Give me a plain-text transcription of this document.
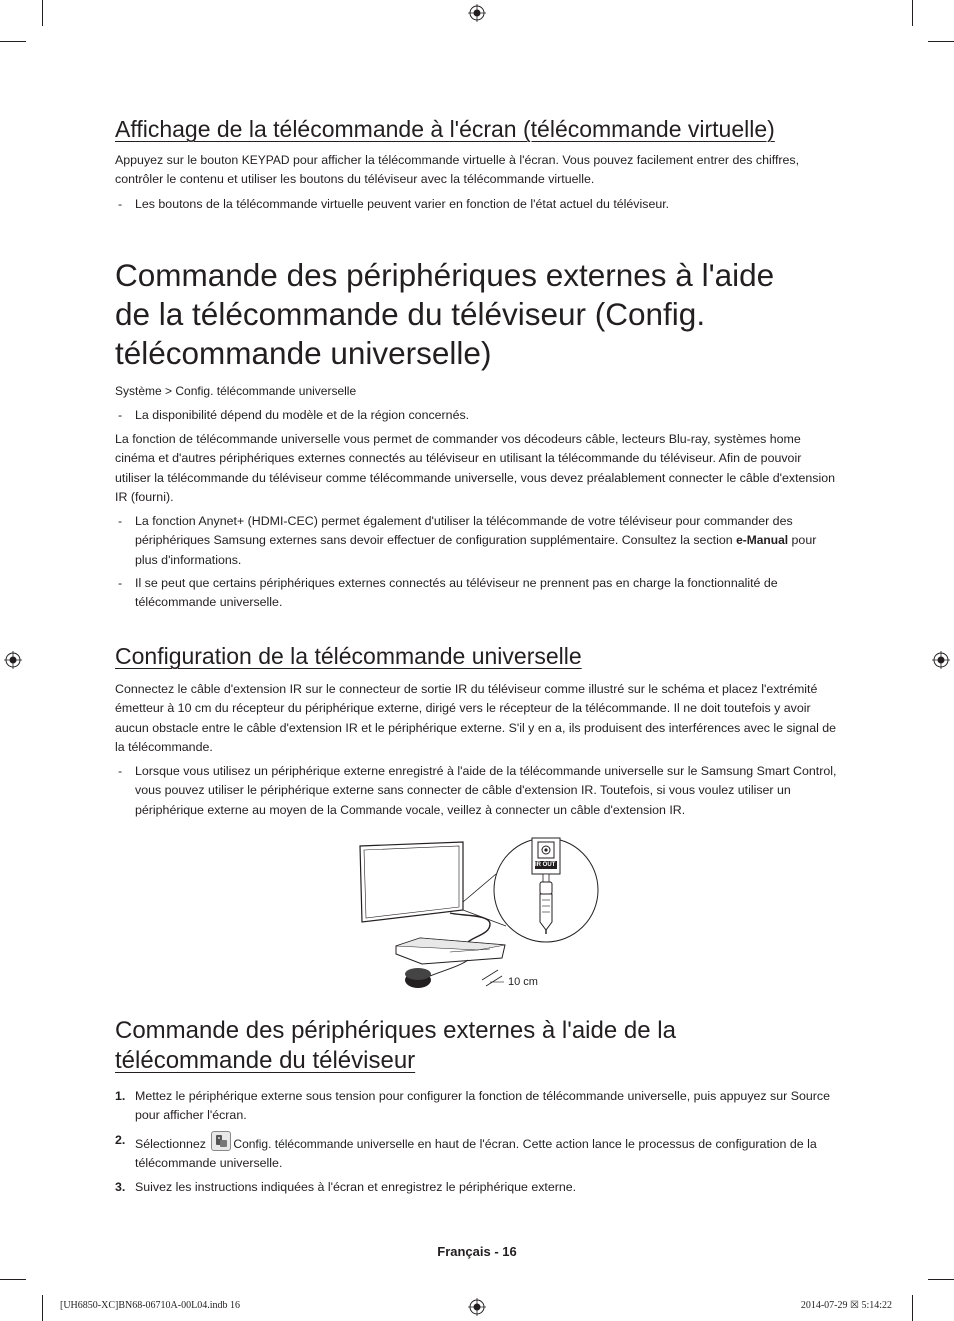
Affichage de la télécommande à l'écran (télécommande virtuelle)

Appuyez sur le bouton KEYPAD pour afficher la télécommande virtuelle à l'écran. Vous pouvez facilement entrer des chiffres, contrôler le contenu et utiliser les boutons du téléviseur avec la télécommande virtuelle.

- Les boutons de la télécommande virtuelle peuvent varier en fonction de l'état actuel du téléviseur.
Commande des périphériques externes à l'aide
de la télécommande du téléviseur (Config.
télécommande universelle)

Système > Config. télécommande universelle

- La disponibilité dépend du modèle et de la région concernés.

La fonction de télécommande universelle vous permet de commander vos décodeurs câble, lecteurs Blu-ray, systèmes home cinéma et d'autres périphériques externes connectés au téléviseur en utilisant la télécommande du téléviseur. Afin de pouvoir utiliser la télécommande du téléviseur comme télécommande universelle, vous devez préalablement connecter le câble d'extension IR (fourni).

- La fonction Anynet+ (HDMI-CEC) permet également d'utiliser la télécommande de votre téléviseur pour commander des périphériques Samsung externes sans devoir effectuer de configuration supplémentaire. Consultez la section e-Manual pour plus d'informations.
- Il se peut que certains périphériques externes connectés au téléviseur ne prennent pas en charge la fonctionnalité de télécommande universelle.
Configuration de la télécommande universelle

Connectez le câble d'extension IR sur le connecteur de sortie IR du téléviseur comme illustré sur le schéma et placez l'extrémité émetteur à 10 cm du récepteur du périphérique externe, dirigé vers le récepteur de la télécommande. Il ne doit toutefois y avoir aucun obstacle entre le câble d'extension IR et le périphérique externe. S'il y en a, ils produisent des interférences avec le signal de la télécommande.

- Lorsque vous utilisez un périphérique externe enregistré à l'aide de la télécommande universelle sur le Samsung Smart Control, vous pouvez utiliser le périphérique externe sans connecter de câble d'extension IR. Toutefois, si vous voulez utiliser un périphérique externe au moyen de la Commande vocale, veillez à connecter un câble d'extension IR.
Commande des périphériques externes à l'aide de la
télécommande du téléviseur
1. Mettez le périphérique externe sous tension pour configurer la fonction de télécommande universelle, puis appuyez sur Source pour afficher l'écran.
2. Sélectionnez
Config. télécommande universelle en haut de l'écran. Cette action lance le processus de configuration de la télécommande universelle.
3. Suivez les instructions indiquées à l'écran et enregistrez le périphérique externe.
IR OUT
10 cm
Français - 16
[UH6850-XC]BN68-06710A-00L04.indb 16	2014-07-29 ☒ 5:14:22
